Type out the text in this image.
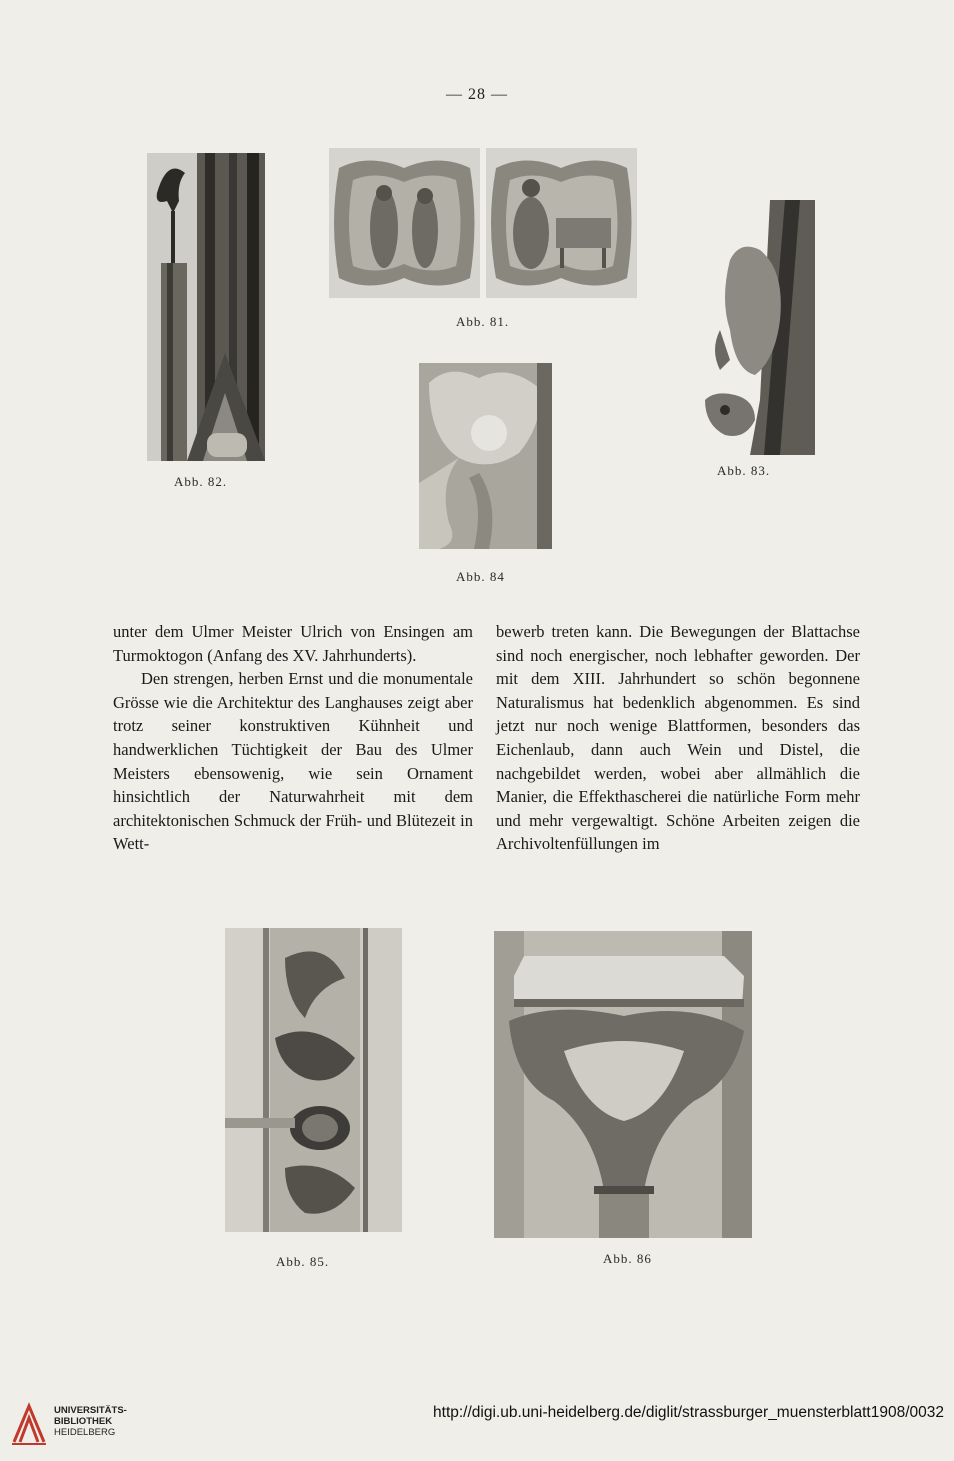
— 28 —
Abb. 82.
Abb. 81.
Abb. 83.
Abb. 84

unter dem Ulmer Meister Ulrich von Ensingen am Turmoktogon (Anfang des XV. Jahrhunderts).

Den strengen, herben Ernst und die monumentale Grösse wie die Architektur des Langhauses zeigt aber trotz seiner konstruktiven Kühnheit und handwerklichen Tüchtigkeit der Bau des Ulmer Meisters ebensowenig, wie sein Ornament hinsichtlich der Naturwahrheit mit dem architektonischen Schmuck der Früh- und Blütezeit in Wett-

bewerb treten kann. Die Bewegungen der Blattachse sind noch energischer, noch lebhafter geworden. Der mit dem XIII. Jahrhundert so schön begonnene Naturalismus hat bedenklich abgenommen. Es sind jetzt nur noch wenige Blattformen, besonders das Eichenlaub, dann auch Wein und Distel, die nachgebildet werden, wobei aber allmählich die Manier, die Effekthascherei die natürliche Form mehr und mehr vergewaltigt. Schöne Arbeiten zeigen die Archivoltenfüllungen im

Abb. 85.	Abb. 86
UNIVERSITÄTS-
BIBLIOTHEK
HEIDELBERG
http://digi.ub.uni-heidelberg.de/diglit/strassburger_muensterblatt1908/0032
